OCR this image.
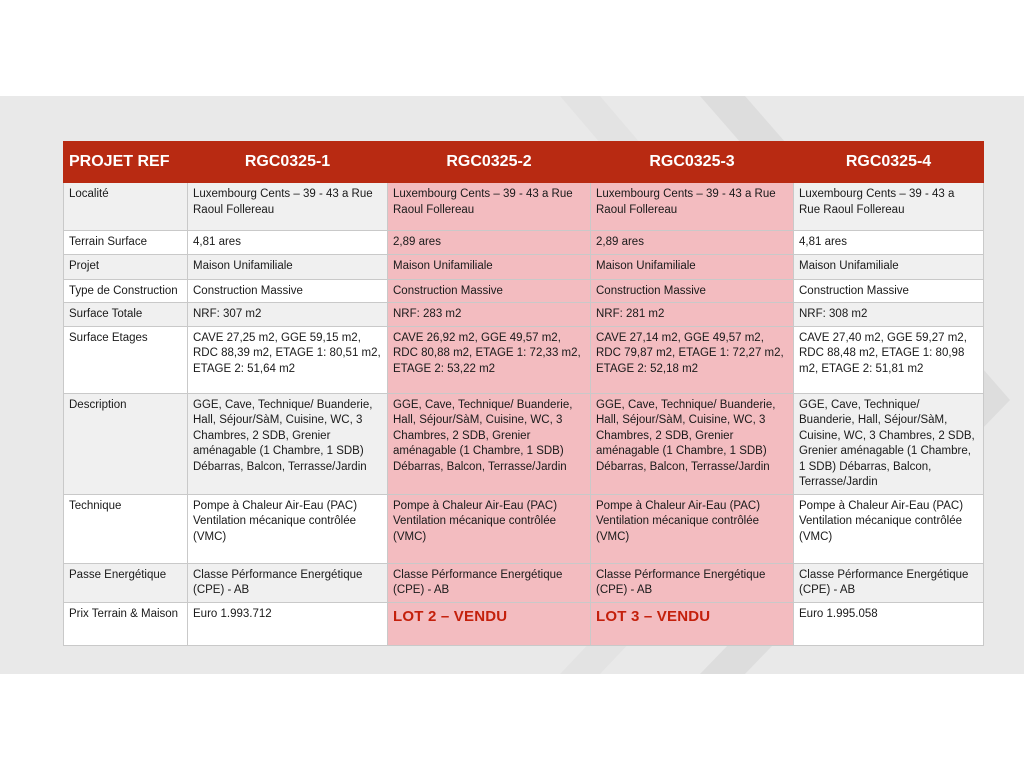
PROJET REF	RGC0325-1	RGC0325-2	RGC0325-3	RGC0325-4
Localité	Luxembourg Cents – 39 - 43 a Rue Raoul Follereau	Luxembourg Cents – 39 - 43 a Rue Raoul Follereau	Luxembourg Cents – 39 - 43 a Rue Raoul Follereau	Luxembourg Cents – 39 - 43 a Rue Raoul Follereau
Terrain Surface	4,81 ares	2,89 ares	2,89 ares	4,81 ares
Projet	Maison Unifamiliale	Maison Unifamiliale	Maison Unifamiliale	Maison Unifamiliale
Type de Construction	Construction Massive	Construction Massive	Construction Massive	Construction Massive
Surface Totale	NRF: 307 m2	NRF: 283 m2	NRF: 281 m2	NRF: 308 m2
Surface Etages	CAVE 27,25 m2, GGE 59,15 m2, RDC 88,39 m2, ETAGE 1: 80,51 m2, ETAGE 2: 51,64 m2	CAVE 26,92 m2, GGE 49,57 m2, RDC 80,88 m2, ETAGE 1: 72,33 m2, ETAGE 2: 53,22 m2	CAVE 27,14 m2, GGE 49,57 m2, RDC 79,87 m2, ETAGE 1: 72,27 m2, ETAGE 2: 52,18 m2	CAVE 27,40 m2, GGE 59,27 m2, RDC 88,48 m2, ETAGE 1: 80,98 m2, ETAGE 2: 51,81 m2
Description	GGE, Cave, Technique/ Buanderie, Hall, Séjour/SàM, Cuisine, WC, 3 Chambres, 2 SDB, Grenier aménagable (1 Chambre, 1 SDB) Débarras, Balcon, Terrasse/Jardin	GGE, Cave, Technique/ Buanderie, Hall, Séjour/SàM, Cuisine, WC, 3 Chambres, 2 SDB, Grenier aménagable (1 Chambre, 1 SDB) Débarras, Balcon, Terrasse/Jardin	GGE, Cave, Technique/ Buanderie, Hall, Séjour/SàM, Cuisine, WC, 3 Chambres, 2 SDB, Grenier aménagable (1 Chambre, 1 SDB) Débarras, Balcon, Terrasse/Jardin	GGE, Cave, Technique/ Buanderie, Hall, Séjour/SàM, Cuisine, WC, 3 Chambres, 2 SDB, Grenier aménagable (1 Chambre, 1 SDB) Débarras, Balcon, Terrasse/Jardin
Technique	Pompe à Chaleur Air-Eau (PAC) Ventilation mécanique contrôlée (VMC)	Pompe à Chaleur Air-Eau (PAC) Ventilation mécanique contrôlée (VMC)	Pompe à Chaleur Air-Eau (PAC) Ventilation mécanique contrôlée (VMC)	Pompe à Chaleur Air-Eau (PAC) Ventilation mécanique contrôlée (VMC)
Passe Energétique	Classe Pérformance Energétique (CPE) - AB	Classe Pérformance Energétique (CPE) - AB	Classe Pérformance Energétique (CPE) - AB	Classe Pérformance Energétique (CPE) - AB
Prix Terrain & Maison	Euro 1.993.712	LOT 2 – VENDU	LOT 3 – VENDU	Euro 1.995.058
